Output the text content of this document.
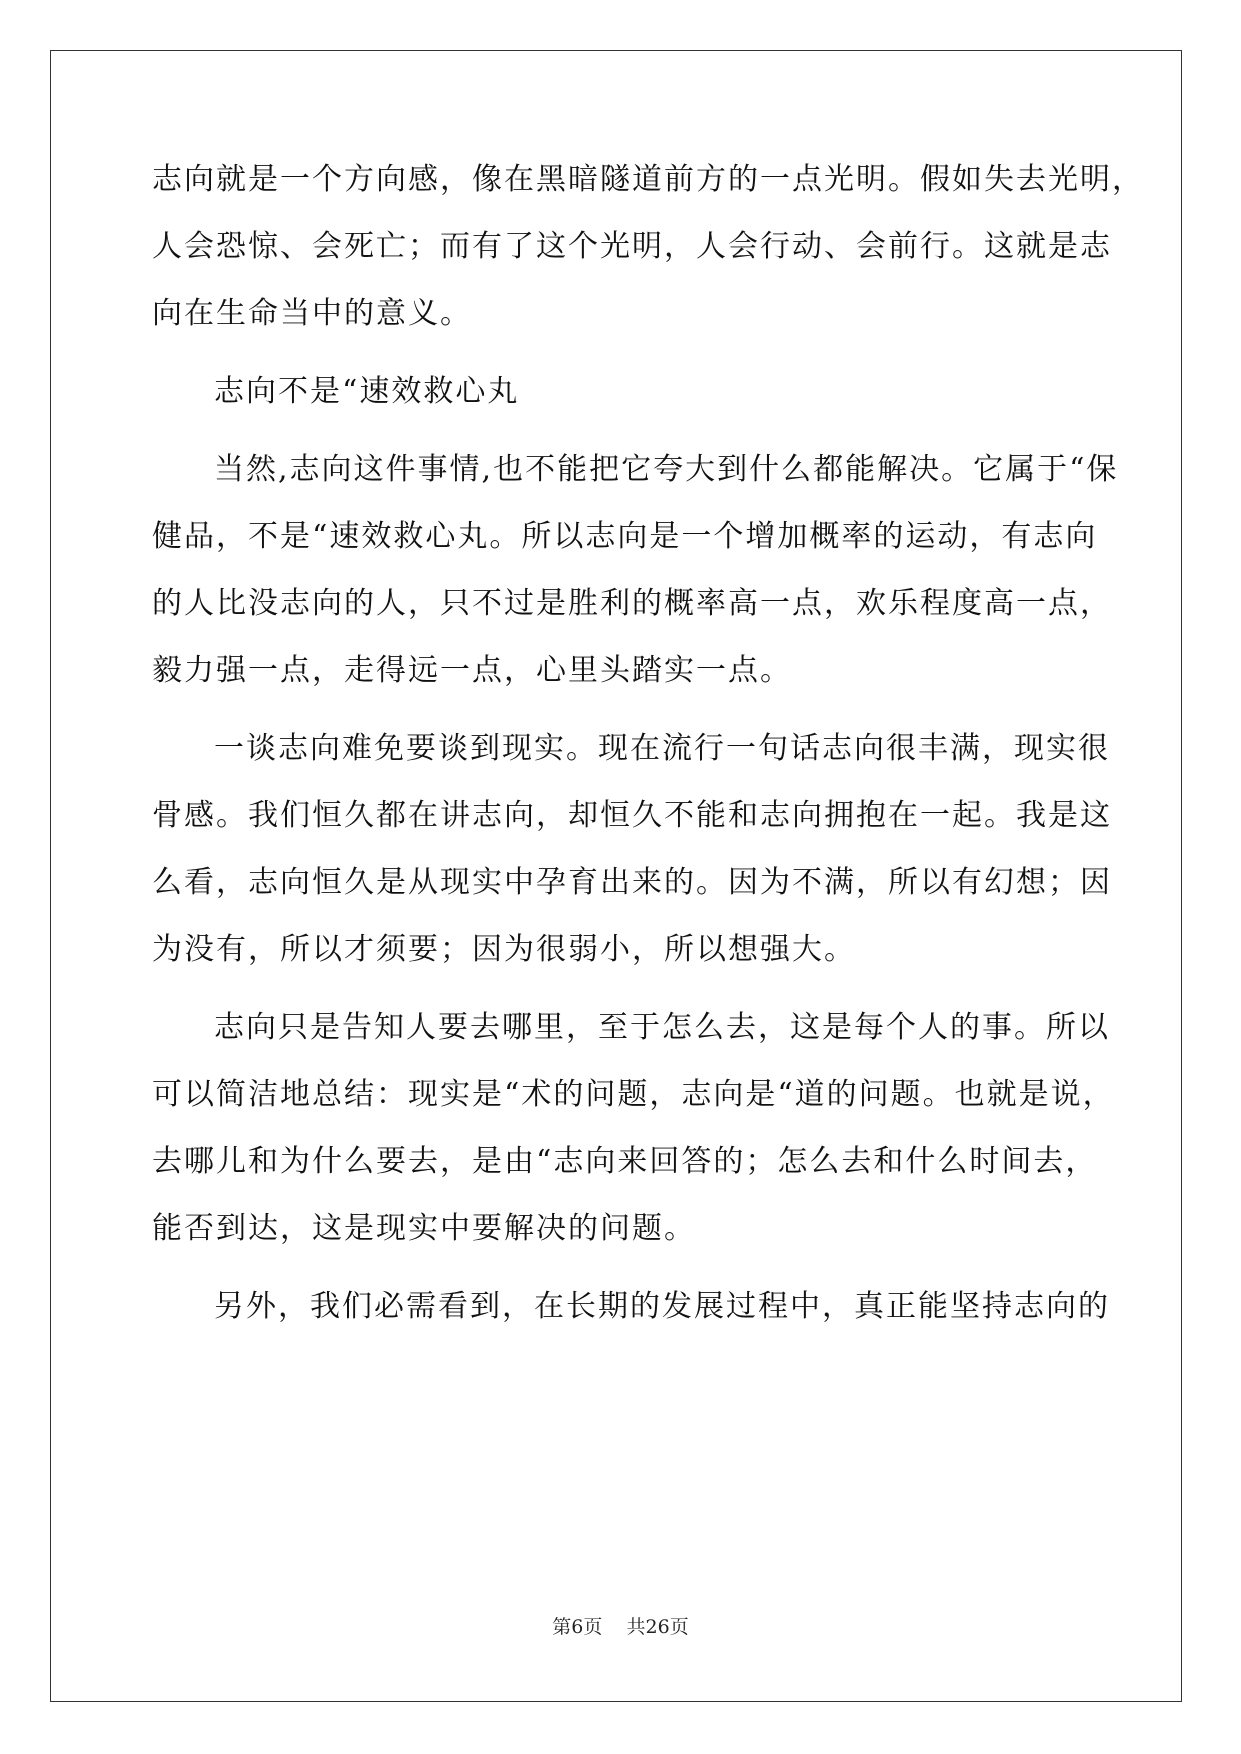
志向就是一个方向感，像在黑暗隧道前方的一点光明。假如失去光明，
人会恐惊、会死亡；而有了这个光明，人会行动、会前行。这就是志
向在生命当中的意义。
志向不是“速效救心丸
当然,志向这件事情,也不能把它夸大到什么都能解决。它属于“保
健品，不是“速效救心丸。所以志向是一个增加概率的运动，有志向
的人比没志向的人，只不过是胜利的概率高一点，欢乐程度高一点，
毅力强一点，走得远一点，心里头踏实一点。
一谈志向难免要谈到现实。现在流行一句话志向很丰满，现实很
骨感。我们恒久都在讲志向，却恒久不能和志向拥抱在一起。我是这
么看，志向恒久是从现实中孕育出来的。因为不满，所以有幻想；因
为没有，所以才须要；因为很弱小，所以想强大。
志向只是告知人要去哪里，至于怎么去，这是每个人的事。所以
可以简洁地总结：现实是“术的问题，志向是“道的问题。也就是说，
去哪儿和为什么要去，是由“志向来回答的；怎么去和什么时间去，
能否到达，这是现实中要解决的问题。
另外，我们必需看到，在长期的发展过程中，真正能坚持志向的
第6页 共26页
